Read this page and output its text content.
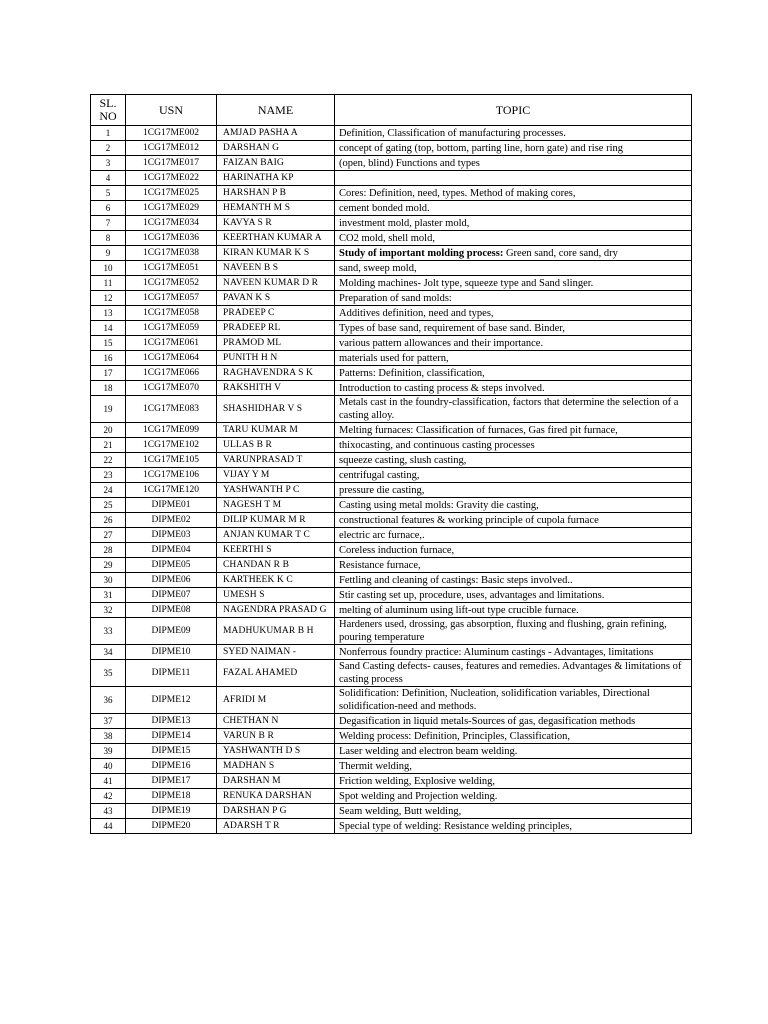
SL. NO	USN	NAME	TOPIC
1	1CG17ME002	AMJAD PASHA A	Definition, Classification of manufacturing processes.
2	1CG17ME012	DARSHAN G	concept of gating (top, bottom, parting line, horn gate) and rise ring
3	1CG17ME017	FAIZAN BAIG	(open, blind) Functions and types
4	1CG17ME022	HARINATHA KP	
5	1CG17ME025	HARSHAN P B	Cores: Definition, need, types. Method of making cores,
6	1CG17ME029	HEMANTH M S	cement bonded mold.
7	1CG17ME034	KAVYA S R	investment mold, plaster mold,
8	1CG17ME036	KEERTHAN KUMAR A	CO2 mold, shell mold,
9	1CG17ME038	KIRAN KUMAR K S	Study of important molding process: Green sand, core sand, dry
10	1CG17ME051	NAVEEN B S	sand, sweep mold,
11	1CG17ME052	NAVEEN KUMAR D R	Molding machines- Jolt type, squeeze type and Sand slinger.
12	1CG17ME057	PAVAN K S	Preparation of sand molds:
13	1CG17ME058	PRADEEP C	Additives definition, need and types,
14	1CG17ME059	PRADEEP RL	Types of base sand, requirement of base sand. Binder,
15	1CG17ME061	PRAMOD ML	various pattern allowances and their importance.
16	1CG17ME064	PUNITH H N	materials used for pattern,
17	1CG17ME066	RAGHAVENDRA S K	Patterns: Definition, classification,
18	1CG17ME070	RAKSHITH V	Introduction to casting process & steps involved.
19	1CG17ME083	SHASHIDHAR V S	Metals cast in the foundry-classification, factors that determine the selection of a casting alloy.
20	1CG17ME099	TARU KUMAR M	Melting furnaces: Classification of furnaces, Gas fired pit furnace,
21	1CG17ME102	ULLAS B R	thixocasting, and continuous casting processes
22	1CG17ME105	VARUNPRASAD T	squeeze casting, slush casting,
23	1CG17ME106	VIJAY Y M	centrifugal casting,
24	1CG17ME120	YASHWANTH P C	pressure die casting,
25	DIPME01	NAGESH T M	Casting using metal molds: Gravity die casting,
26	DIPME02	DILIP KUMAR M R	constructional features & working principle of cupola furnace
27	DIPME03	ANJAN KUMAR T C	electric arc furnace,.
28	DIPME04	KEERTHI S	Coreless induction furnace,
29	DIPME05	CHANDAN R B	Resistance furnace,
30	DIPME06	KARTHEEK K C	Fettling and cleaning of castings: Basic steps involved..
31	DIPME07	UMESH S	Stir casting set up, procedure, uses, advantages and limitations.
32	DIPME08	NAGENDRA PRASAD G	melting of aluminum using lift-out type crucible furnace.
33	DIPME09	MADHUKUMAR B H	Hardeners used, drossing, gas absorption, fluxing and flushing, grain refining, pouring temperature
34	DIPME10	SYED NAIMAN -	Nonferrous foundry practice: Aluminum castings - Advantages, limitations
35	DIPME11	FAZAL AHAMED	Sand Casting defects- causes, features and remedies. Advantages & limitations of casting process
36	DIPME12	AFRIDI M	Solidification: Definition, Nucleation, solidification variables, Directional solidification-need and methods.
37	DIPME13	CHETHAN N	Degasification in liquid metals-Sources of gas, degasification methods
38	DIPME14	VARUN B R	Welding process: Definition, Principles, Classification,
39	DIPME15	YASHWANTH D S	Laser welding and electron beam welding.
40	DIPME16	MADHAN S	Thermit welding,
41	DIPME17	DARSHAN M	Friction welding, Explosive welding,
42	DIPME18	RENUKA DARSHAN	Spot welding and Projection welding.
43	DIPME19	DARSHAN P G	Seam welding, Butt welding,
44	DIPME20	ADARSH T R	Special type of welding: Resistance welding principles,
